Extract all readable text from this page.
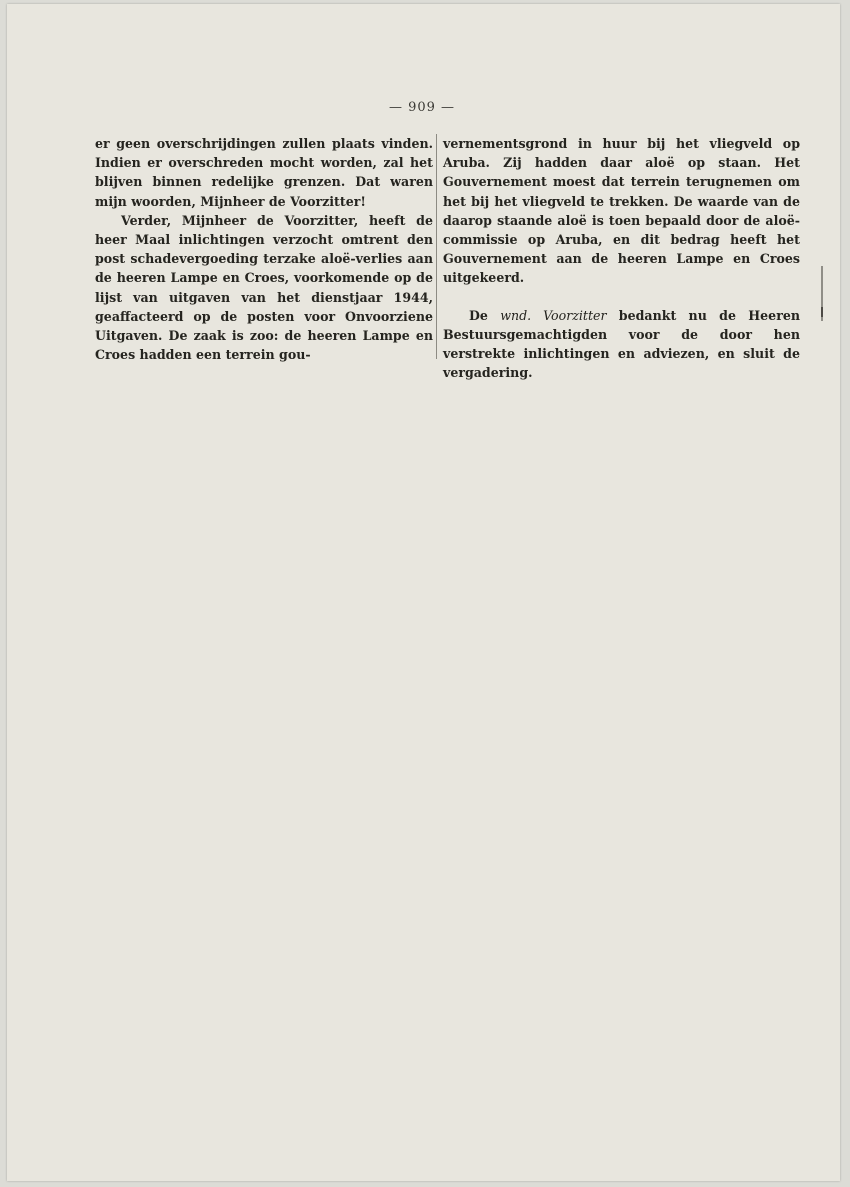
— 909 —

er geen overschrijdingen zullen plaats vinden. Indien er overschreden mocht worden, zal het blijven binnen redelijke grenzen. Dat waren mijn woorden, Mijnheer de Voorzitter!

Verder, Mijnheer de Voorzitter, heeft de heer Maal inlichtingen verzocht omtrent den post schadevergoeding terzake aloë-verlies aan de heeren Lampe en Croes, voorkomende op de lijst van uitgaven van het dienstjaar 1944, geaffacteerd op de posten voor Onvoorziene Uitgaven. De zaak is zoo: de heeren Lampe en Croes hadden een terrein gou-

vernementsgrond in huur bij het vliegveld op Aruba. Zij hadden daar aloë op staan. Het Gouvernement moest dat terrein terugnemen om het bij het vliegveld te trekken. De waarde van de daarop staande aloë is toen bepaald door de aloë-commissie op Aruba, en dit bedrag heeft het Gouvernement aan de heeren Lampe en Croes uitgekeerd.

De wnd. Voorzitter bedankt nu de Heeren Bestuursgemachtigden voor de door hen verstrekte inlichtingen en adviezen, en sluit de vergadering.
